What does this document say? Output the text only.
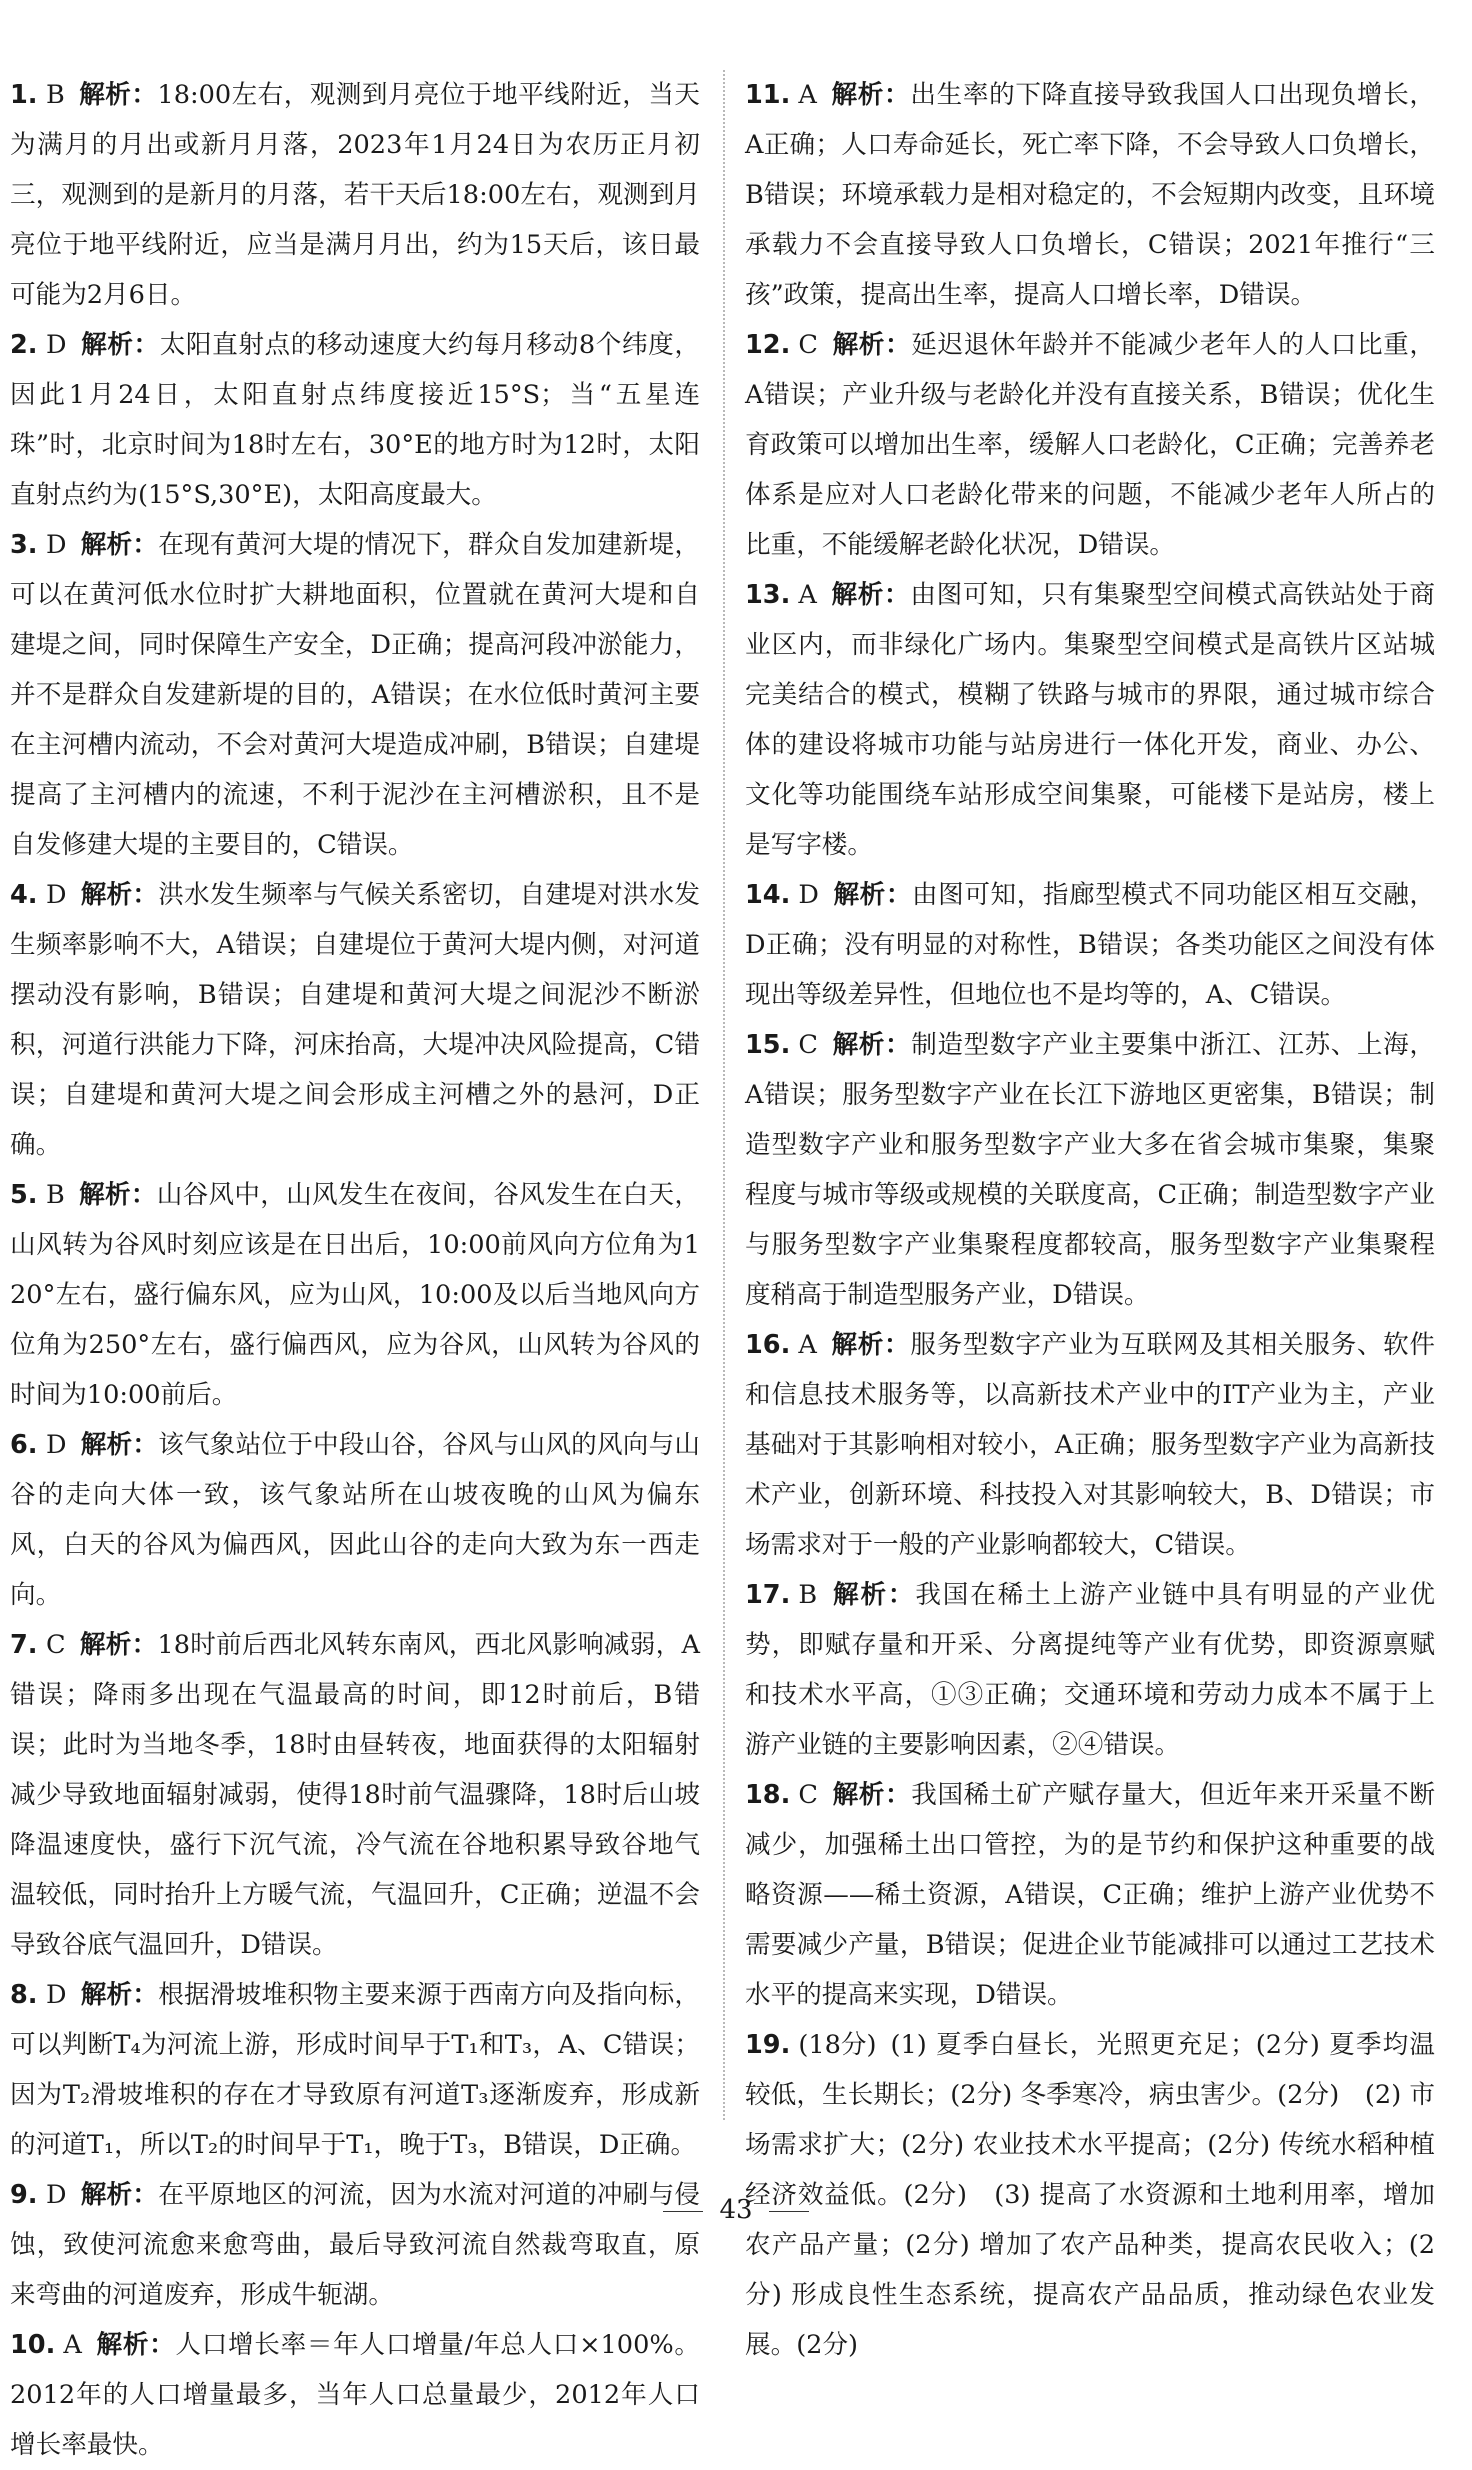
1. B 解析：18:00左右，观测到月亮位于地平线附近，当天为满月的月出或新月月落，2023年1月24日为农历正月初三，观测到的是新月的月落，若干天后18:00左右，观测到月亮位于地平线附近，应当是满月月出，约为15天后，该日最可能为2月6日。
2. D 解析：太阳直射点的移动速度大约每月移动8个纬度，因此1月24日，太阳直射点纬度接近15°S；当“五星连珠”时，北京时间为18时左右，30°E的地方时为12时，太阳直射点约为(15°S,30°E)，太阳高度最大。
3. D 解析：在现有黄河大堤的情况下，群众自发加建新堤，可以在黄河低水位时扩大耕地面积，位置就在黄河大堤和自建堤之间，同时保障生产安全，D正确；提高河段冲淤能力，并不是群众自发建新堤的目的，A错误；在水位低时黄河主要在主河槽内流动，不会对黄河大堤造成冲刷，B错误；自建堤提高了主河槽内的流速，不利于泥沙在主河槽淤积，且不是自发修建大堤的主要目的，C错误。
4. D 解析：洪水发生频率与气候关系密切，自建堤对洪水发生频率影响不大，A错误；自建堤位于黄河大堤内侧，对河道摆动没有影响，B错误；自建堤和黄河大堤之间泥沙不断淤积，河道行洪能力下降，河床抬高，大堤冲决风险提高，C错误；自建堤和黄河大堤之间会形成主河槽之外的悬河，D正确。
5. B 解析：山谷风中，山风发生在夜间，谷风发生在白天，山风转为谷风时刻应该是在日出后，10:00前风向方位角为120°左右，盛行偏东风，应为山风，10:00及以后当地风向方位角为250°左右，盛行偏西风，应为谷风，山风转为谷风的时间为10:00前后。
6. D 解析：该气象站位于中段山谷，谷风与山风的风向与山谷的走向大体一致，该气象站所在山坡夜晚的山风为偏东风，白天的谷风为偏西风，因此山谷的走向大致为东一西走向。
7. C 解析：18时前后西北风转东南风，西北风影响减弱，A错误；降雨多出现在气温最高的时间，即12时前后，B错误；此时为当地冬季，18时由昼转夜，地面获得的太阳辐射减少导致地面辐射减弱，使得18时前气温骤降，18时后山坡降温速度快，盛行下沉气流，冷气流在谷地积累导致谷地气温较低，同时抬升上方暖气流，气温回升，C正确；逆温不会导致谷底气温回升，D错误。
8. D 解析：根据滑坡堆积物主要来源于西南方向及指向标，可以判断T₄为河流上游，形成时间早于T₁和T₃，A、C错误；因为T₂滑坡堆积的存在才导致原有河道T₃逐渐废弃，形成新的河道T₁，所以T₂的时间早于T₁，晚于T₃，B错误，D正确。
9. D 解析：在平原地区的河流，因为水流对河道的冲刷与侵蚀，致使河流愈来愈弯曲，最后导致河流自然裁弯取直，原来弯曲的河道废弃，形成牛轭湖。
10. A 解析：人口增长率＝年人口增量/年总人口×100%。2012年的人口增量最多，当年人口总量最少，2012年人口增长率最快。
11. A 解析：出生率的下降直接导致我国人口出现负增长，A正确；人口寿命延长，死亡率下降，不会导致人口负增长，B错误；环境承载力是相对稳定的，不会短期内改变，且环境承载力不会直接导致人口负增长，C错误；2021年推行“三孩”政策，提高出生率，提高人口增长率，D错误。
12. C 解析：延迟退休年龄并不能减少老年人的人口比重，A错误；产业升级与老龄化并没有直接关系，B错误；优化生育政策可以增加出生率，缓解人口老龄化，C正确；完善养老体系是应对人口老龄化带来的问题，不能减少老年人所占的比重，不能缓解老龄化状况，D错误。
13. A 解析：由图可知，只有集聚型空间模式高铁站处于商业区内，而非绿化广场内。集聚型空间模式是高铁片区站城完美结合的模式，模糊了铁路与城市的界限，通过城市综合体的建设将城市功能与站房进行一体化开发，商业、办公、文化等功能围绕车站形成空间集聚，可能楼下是站房，楼上是写字楼。
14. D 解析：由图可知，指廊型模式不同功能区相互交融，D正确；没有明显的对称性，B错误；各类功能区之间没有体现出等级差异性，但地位也不是均等的，A、C错误。
15. C 解析：制造型数字产业主要集中浙江、江苏、上海，A错误；服务型数字产业在长江下游地区更密集，B错误；制造型数字产业和服务型数字产业大多在省会城市集聚，集聚程度与城市等级或规模的关联度高，C正确；制造型数字产业与服务型数字产业集聚程度都较高，服务型数字产业集聚程度稍高于制造型服务产业，D错误。
16. A 解析：服务型数字产业为互联网及其相关服务、软件和信息技术服务等，以高新技术产业中的IT产业为主，产业基础对于其影响相对较小，A正确；服务型数字产业为高新技术产业，创新环境、科技投入对其影响较大，B、D错误；市场需求对于一般的产业影响都较大，C错误。
17. B 解析：我国在稀土上游产业链中具有明显的产业优势，即赋存量和开采、分离提纯等产业有优势，即资源禀赋和技术水平高，①③正确；交通环境和劳动力成本不属于上游产业链的主要影响因素，②④错误。
18. C 解析：我国稀土矿产赋存量大，但近年来开采量不断减少，加强稀土出口管控，为的是节约和保护这种重要的战略资源——稀土资源，A错误，C正确；维护上游产业优势不需要减少产量，B错误；促进企业节能减排可以通过工艺技术水平的提高来实现，D错误。
19. (18分) (1) 夏季白昼长，光照更充足；(2分) 夏季均温较低，生长期长；(2分) 冬季寒冷，病虫害少。(2分)　(2) 市场需求扩大；(2分) 农业技术水平提高；(2分) 传统水稻种植经济效益低。(2分)　(3) 提高了水资源和土地利用率，增加农产品产量；(2分) 增加了农产品种类，提高农民收入；(2分) 形成良性生态系统，提高农产品品质，推动绿色农业发展。(2分)
43
